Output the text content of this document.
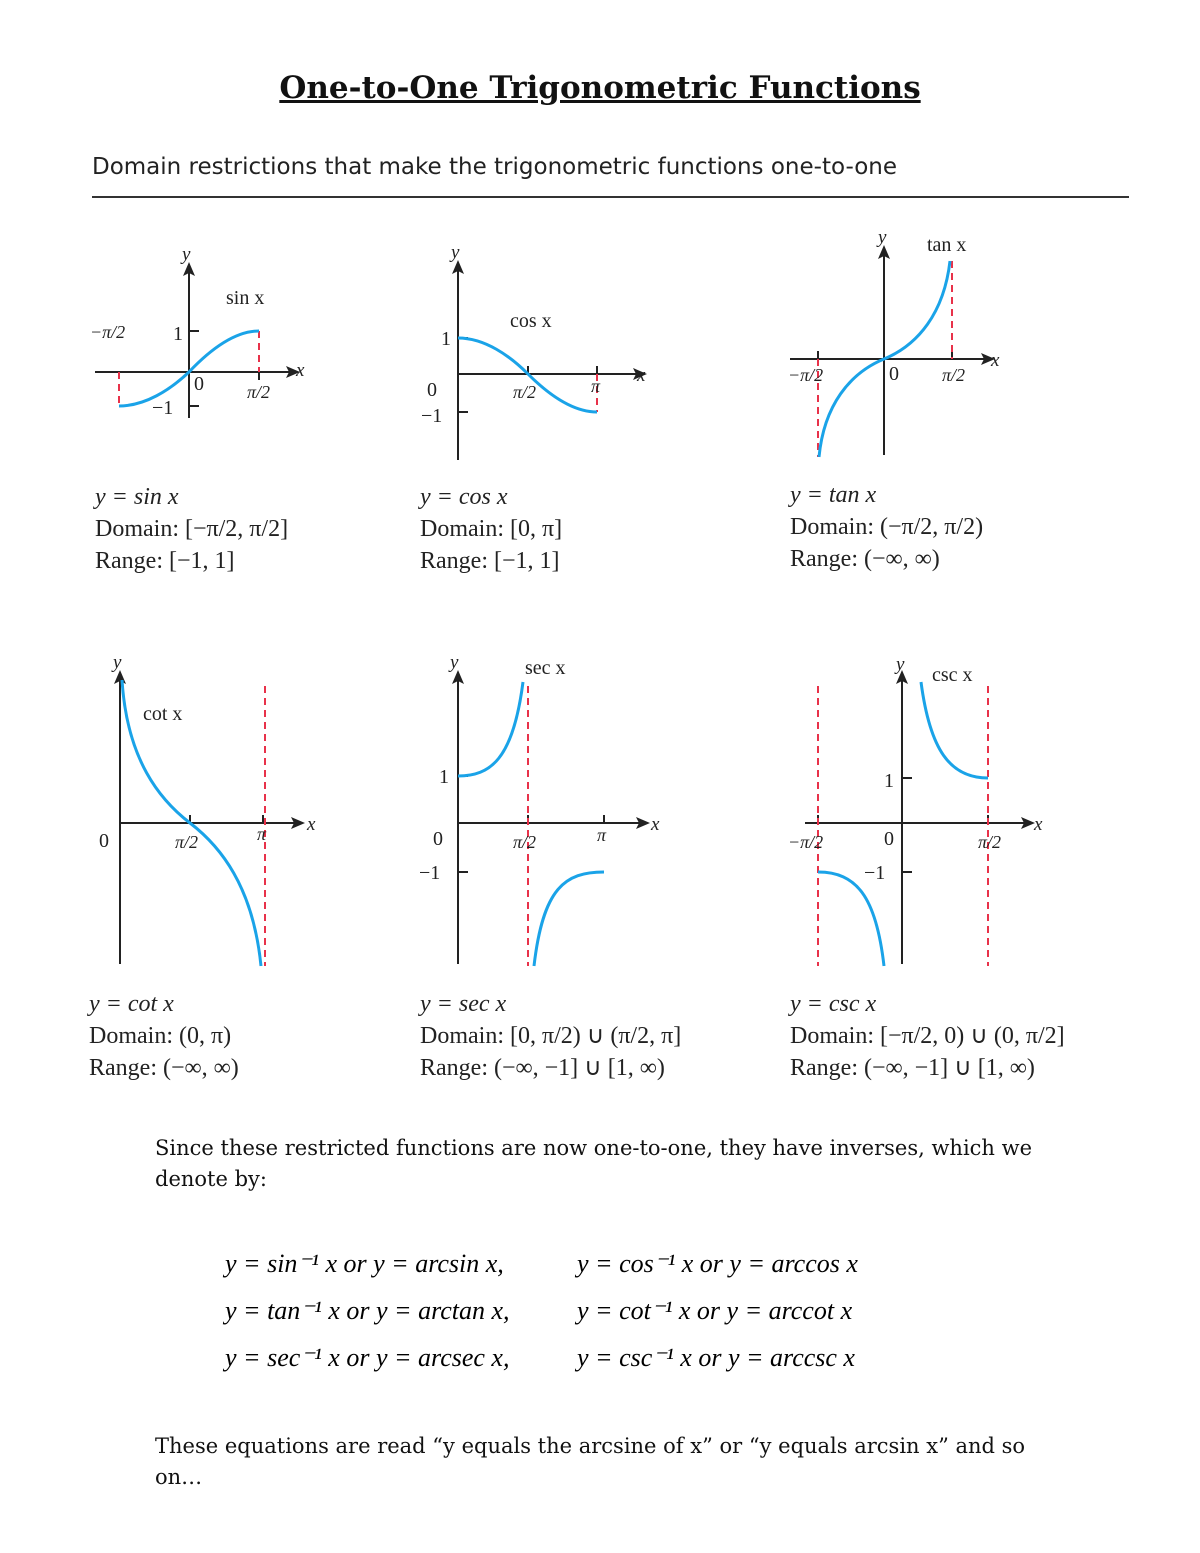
One-to-One Trigonometric Functions
Domain restrictions that make the trigonometric functions one-to-one
y
x
sin x
0
1
−1
−π/2
π/2
y
x
cos x
0
1
−1
π/2	π
y
x
tan x
0
−π/2	π/2
y
x
cot x
0	π/2	π
y
x
sec x
0
1
−1
π/2	π
y
x
csc x
0
1
−1
−π/2	π/2
y = sin x
Domain: [−π/2, π/2]
Range: [−1, 1]
y = cos x
Domain: [0, π]
Range: [−1, 1]
y = tan x
Domain: (−π/2, π/2)
Range: (−∞, ∞)
y = cot x
Domain: (0, π)
Range: (−∞, ∞)
y = sec x
Domain: [0, π/2) ∪ (π/2, π]
Range: (−∞, −1] ∪ [1, ∞)
y = csc x
Domain: [−π/2, 0) ∪ (0, π/2]
Range: (−∞, −1] ∪ [1, ∞)
Since these restricted functions are now one-to-one, they have inverses, which we denote by:
y = sin⁻¹ x or y = arcsin x,	y = cos⁻¹ x or y = arccos x
y = tan⁻¹ x or y = arctan x,	y = cot⁻¹ x or y = arccot x
y = sec⁻¹ x or y = arcsec x,	y = csc⁻¹ x or y = arccsc x
These equations are read “y equals the arcsine of x” or “y equals arcsin x” and so on…
